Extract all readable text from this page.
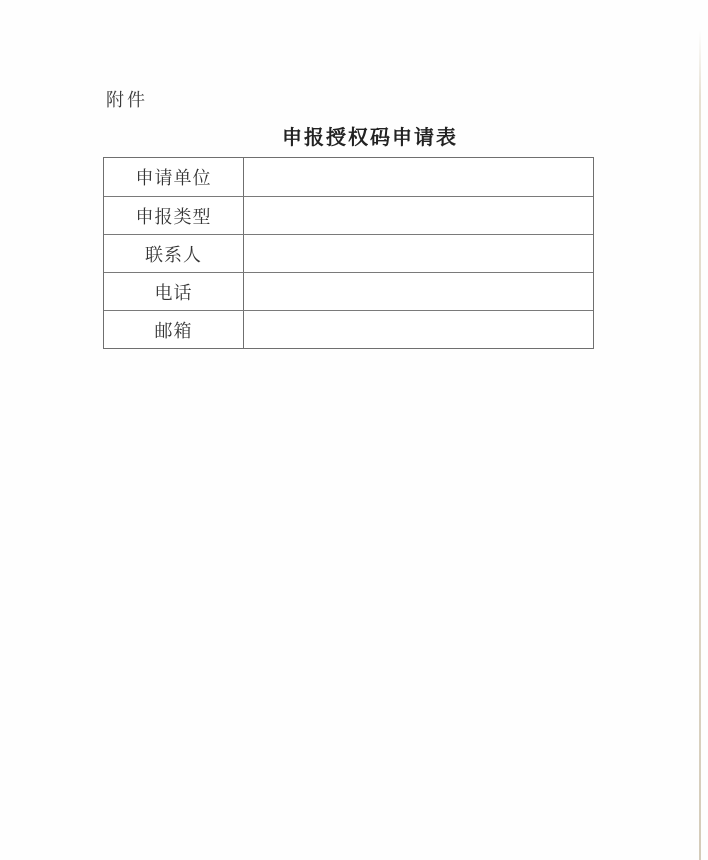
附件
申报授权码申请表
申请单位
申报类型
联系人
电话
邮箱
